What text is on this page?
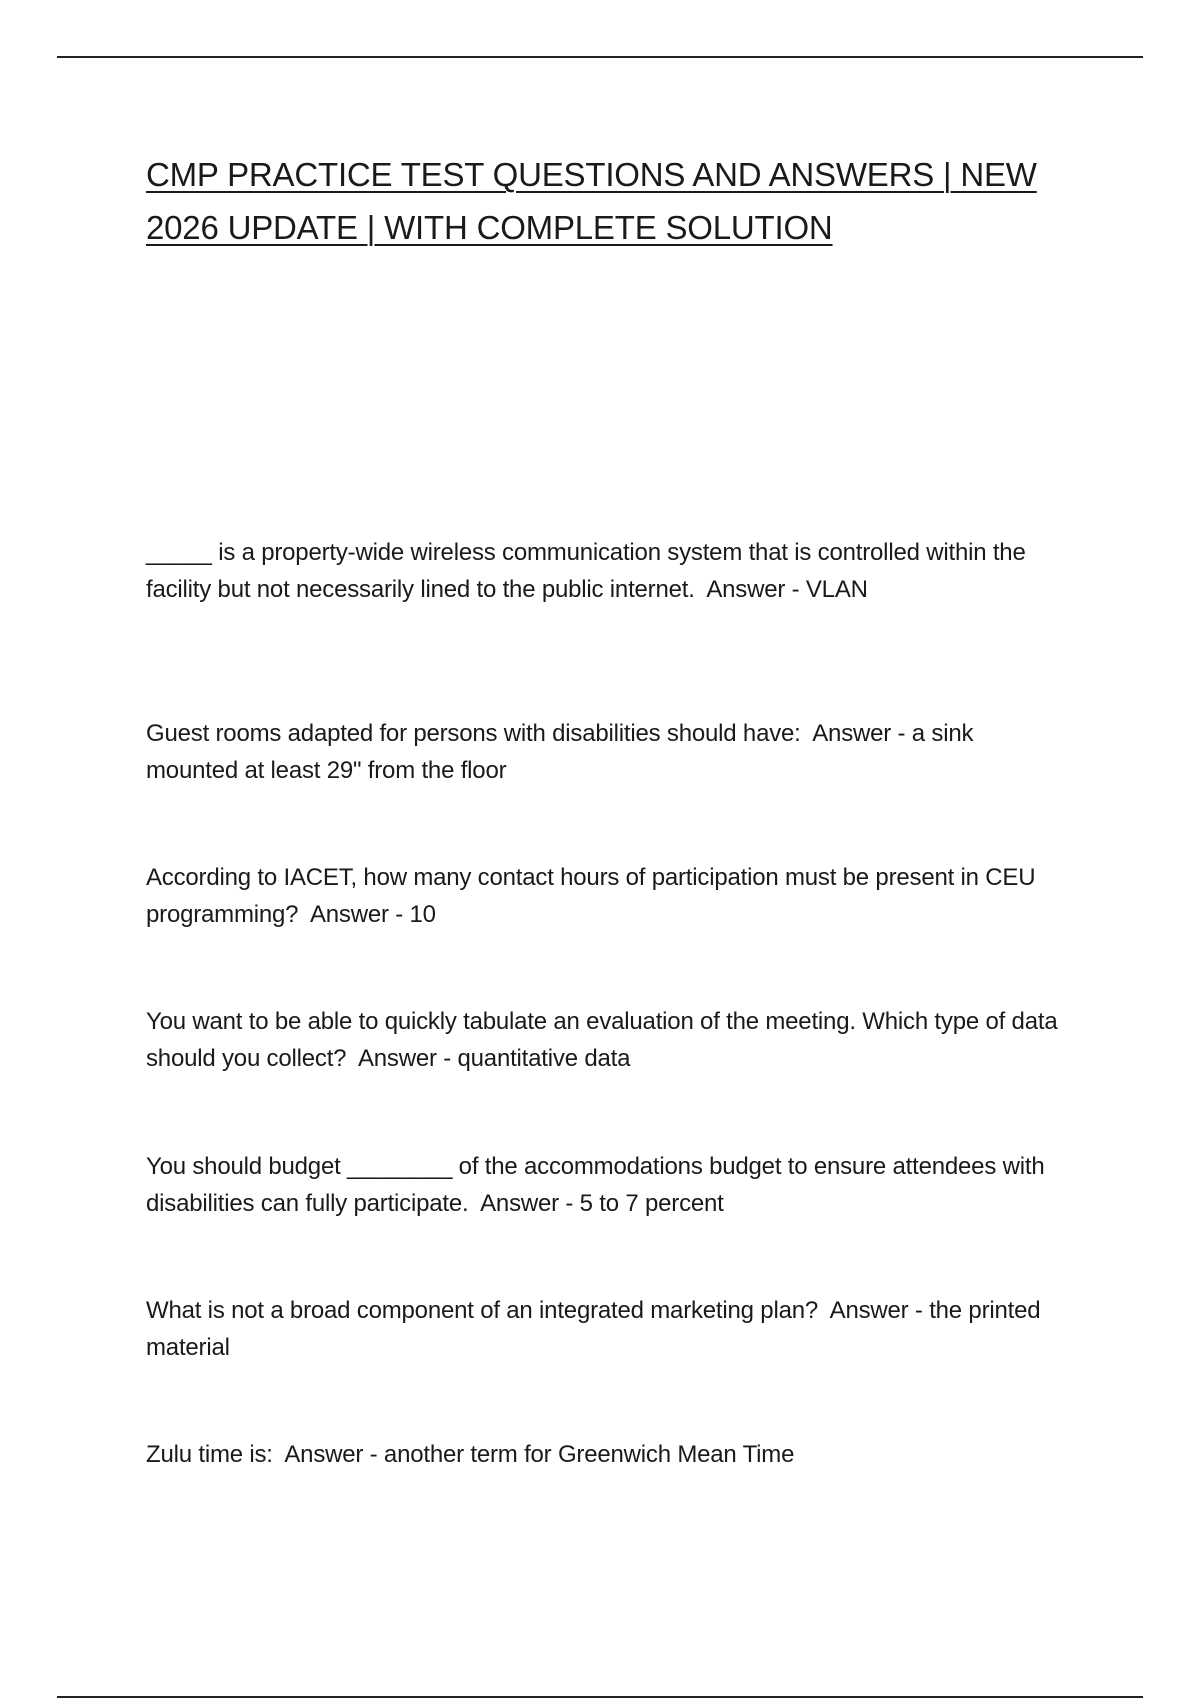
CMP PRACTICE TEST QUESTIONS AND ANSWERS | NEW 2026 UPDATE | WITH COMPLETE SOLUTION

_____ is a property-wide wireless communication system that is controlled within the facility but not necessarily lined to the public internet.  Answer - VLAN

Guest rooms adapted for persons with disabilities should have:  Answer - a sink mounted at least 29" from the floor

According to IACET, how many contact hours of participation must be present in CEU programming?  Answer - 10

You want to be able to quickly tabulate an evaluation of the meeting. Which type of data should you collect?  Answer - quantitative data

You should budget ________ of the accommodations budget to ensure attendees with disabilities can fully participate.  Answer - 5 to 7 percent

What is not a broad component of an integrated marketing plan?  Answer - the printed material

Zulu time is:  Answer - another term for Greenwich Mean Time
